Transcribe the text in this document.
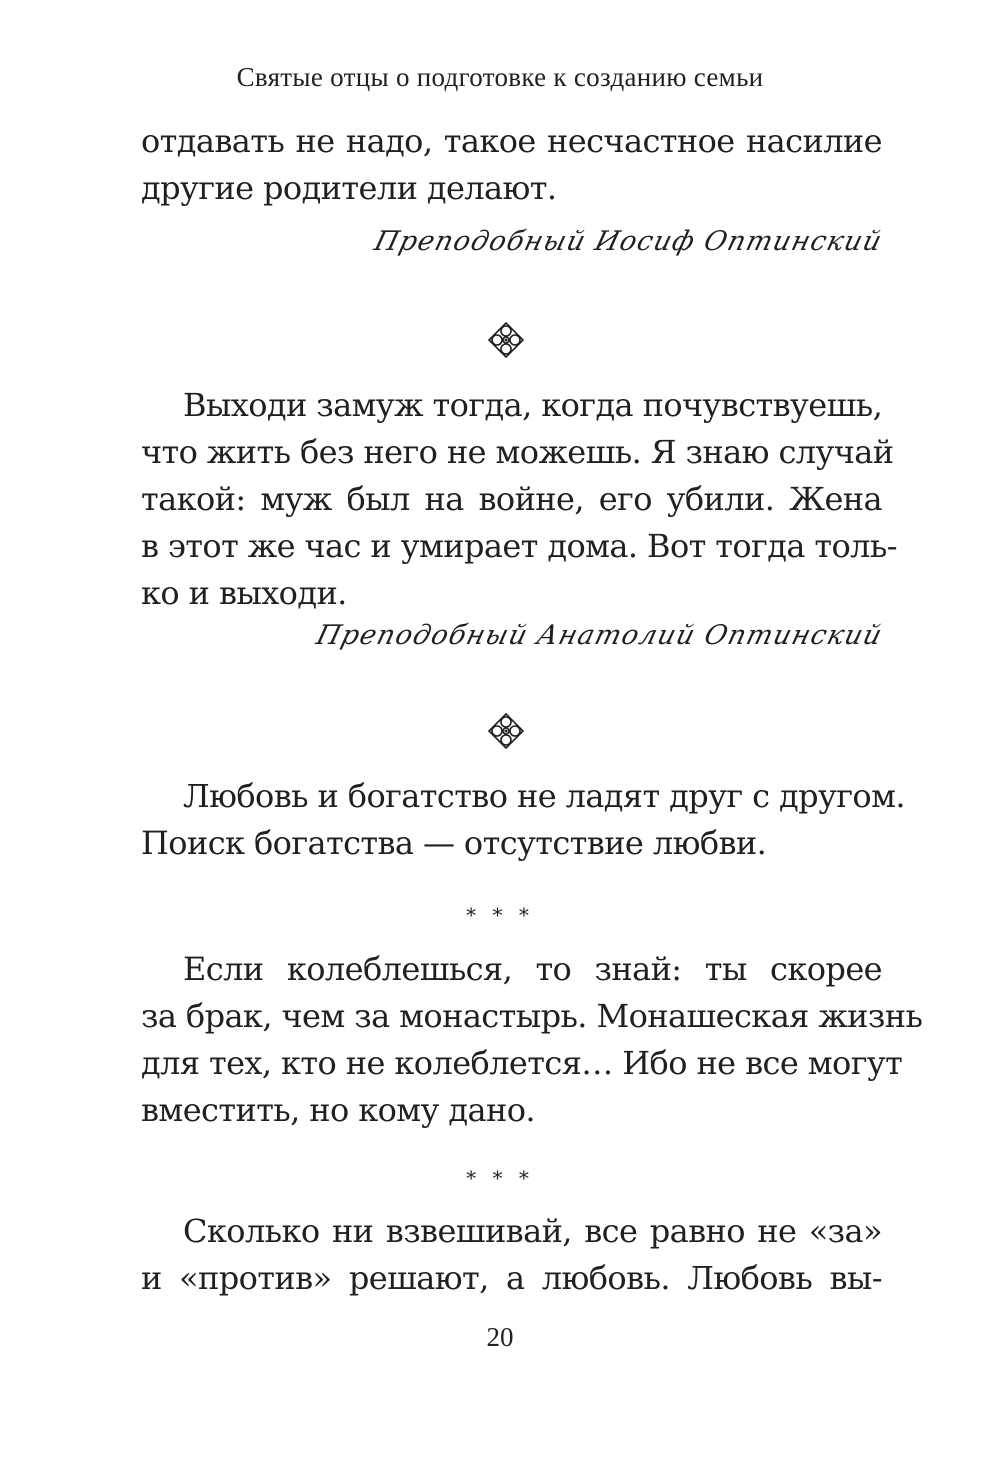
Святые отцы о подготовке к созданию семьи
отдавать не надо, такое несчастное насилие
другие родители делают.
Преподобный Иосиф Оптинский
Выходи замуж тогда, когда почувствуешь,
что жить без него не можешь. Я знаю случай
такой: муж был на войне, его убили. Жена
в этот же час и умирает дома. Вот тогда толь-
ко и выходи.
Преподобный Анатолий Оптинский
Любовь и богатство не ладят друг с другом.
Поиск богатства — отсутствие любви.
* * *
Если колеблешься, то знай: ты скорее
за брак, чем за монастырь. Монашеская жизнь
для тех, кто не колеблется… Ибо не все могут
вместить, но кому дано.
* * *
Сколько ни взвешивай, все равно не «за»
и «против» решают, а любовь. Любовь вы-
20
